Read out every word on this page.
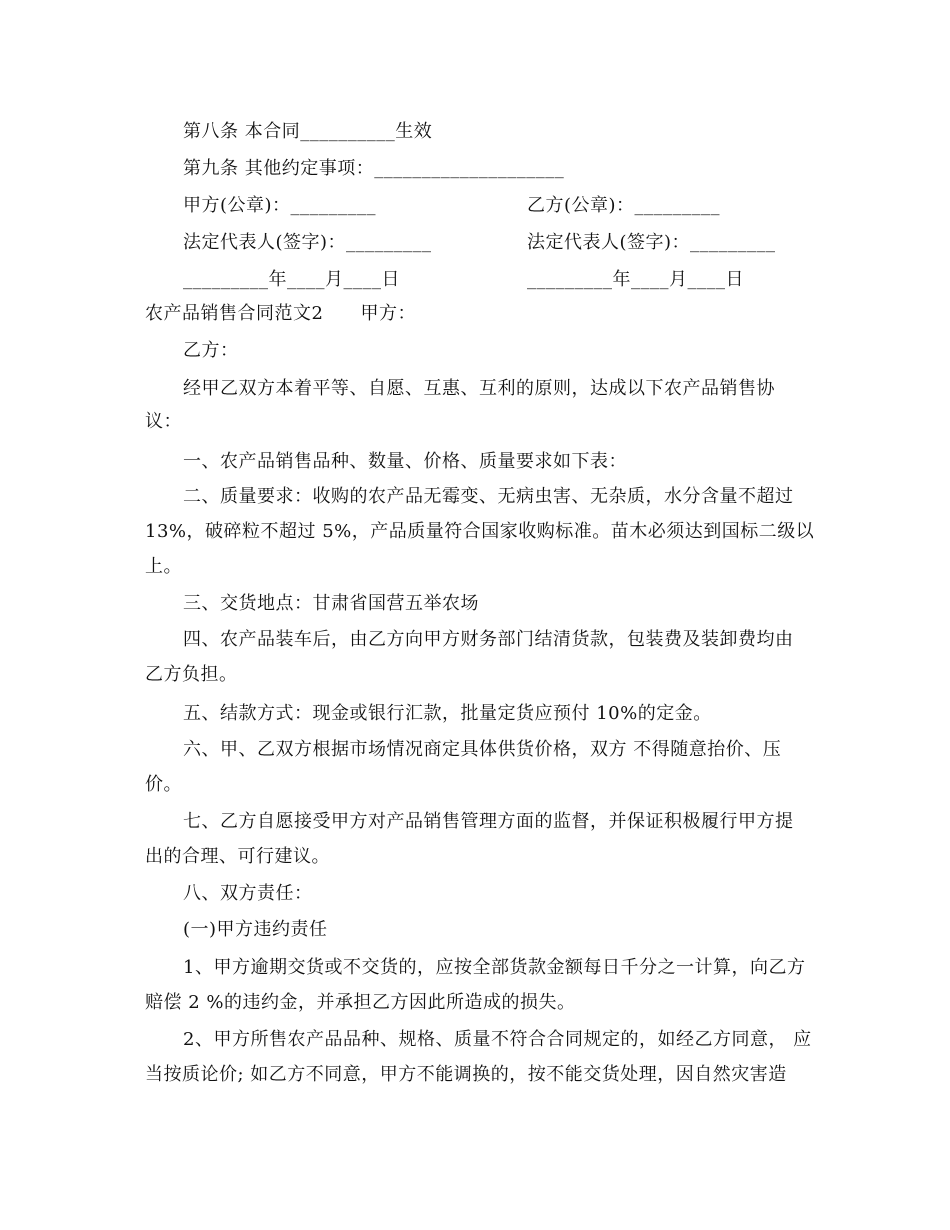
第八条 本合同__________生效
第九条 其他约定事项：____________________
甲方(公章)：_________	乙方(公章)：_________
法定代表人(签字)：_________	法定代表人(签字)：_________
_________年____月____日	_________年____月____日
农产品销售合同范文2　　甲方：
乙方：
经甲乙双方本着平等、自愿、互惠、互利的原则，达成以下农产品销售协
议：
一、农产品销售品种、数量、价格、质量要求如下表：
二、质量要求：收购的农产品无霉变、无病虫害、无杂质，水分含量不超过
13%，破碎粒不超过 5%，产品质量符合国家收购标准。苗木必须达到国标二级以
上。
三、交货地点：甘肃省国营五举农场
四、农产品装车后，由乙方向甲方财务部门结清货款，包装费及装卸费均由
乙方负担。
五、结款方式：现金或银行汇款，批量定货应预付 10%的定金。
六、甲、乙双方根据市场情况商定具体供货价格，双方 不得随意抬价、压
价。
七、乙方自愿接受甲方对产品销售管理方面的监督，并保证积极履行甲方提
出的合理、可行建议。
八、双方责任：
(一)甲方违约责任
1、甲方逾期交货或不交货的，应按全部货款金额每日千分之一计算，向乙方
赔偿 2 %的违约金，并承担乙方因此所造成的损失。
2、甲方所售农产品品种、规格、质量不符合合同规定的，如经乙方同意， 应
当按质论价; 如乙方不同意，甲方不能调换的，按不能交货处理，因自然灾害造
